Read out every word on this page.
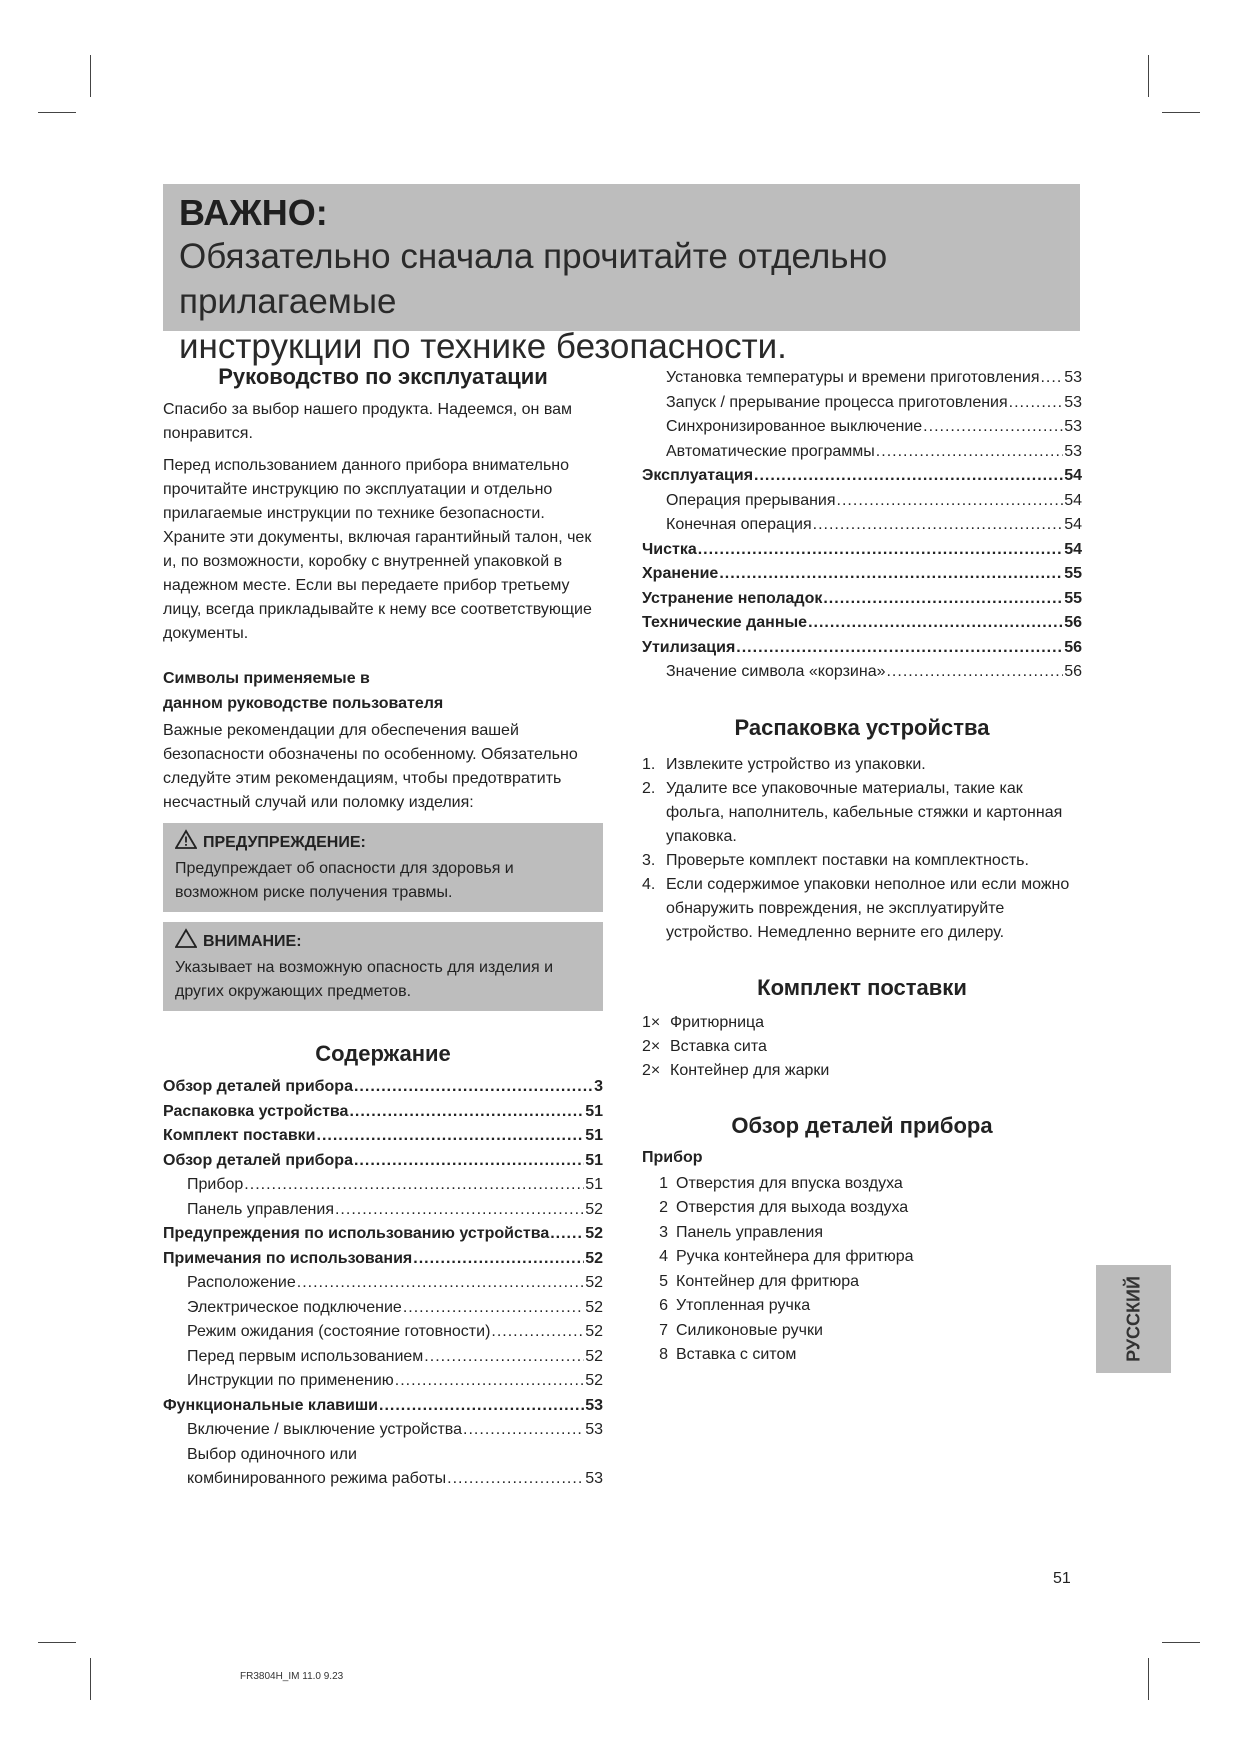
ВАЖНО:

Обязательно сначала прочитайте отдельно прилагаемые

инструкции по технике безопасности.

Руководство по эксплуатации

Спасибо за выбор нашего продукта. Надеемся, он вам понравится.

Перед использованием данного прибора внимательно прочитайте инструкцию по эксплуатации и отдельно прилагаемые инструкции по технике безопасности. Храните эти документы, включая гарантийный талон, чек и, по возможности, коробку с внутренней упаковкой в надежном месте. Если вы передаете прибор третьему лицу, всегда прикладывайте к нему все соответствующие документы.

Символы применяемые в
данном руководстве пользователя

Важные рекомендации для обеспечения вашей безопасности обозначены по особенному. Обязательно следуйте этим рекомендациям, чтобы предотвратить несчастный случай или поломку изделия:

ПРЕДУПРЕЖДЕНИЕ:

Предупреждает об опасности для здоровья и возможном риске получения травмы.

ВНИМАНИЕ:

Указывает на возможную опасность для изделия и других окружающих предметов.

Содержание
Обзор деталей прибора .....	3
Распаковка устройства .....	51
Комплект поставки .....	51
Обзор деталей прибора .....	51
Прибор .....	51
Панель управления .....	52
Предупреждения по использованию устройства ..... 52
Примечания по использования .....	52
Расположение .....	52
Электрическое подключение .....	52
Режим ожидания (состояние готовности) .....	52
Перед первым использованием .....	52
Инструкции по применению .....	52
Функциональные клавиши .....	53
Включение / выключение устройства .....	53
Выбор одиночного или
комбинированного режима работы .....	53
Установка температуры и времени приготовления ..... 53
Запуск / прерывание процесса приготовления .....	53
Синхронизированное выключение .....	53
Автоматические программы .....	53
Эксплуатация .....	54
Операция прерывания .....	54
Конечная операция .....	54
Чистка .....	54
Хранение .....	55
Устранение неполадок .....	55
Технические данные .....	56
Утилизация .....	56
Значение символа «корзина» .....	56
Распаковка устройства
1. Извлеките устройство из упаковки.
2. Удалите все упаковочные материалы, такие как фольга, наполнитель, кабельные стяжки и картонная упаковка.
3. Проверьте комплект поставки на комплектность.
4. Если содержимое упаковки неполное или если можно обнаружить повреждения, не эксплуатируйте устройство. Немедленно верните его дилеру.
Комплект поставки
1× Фритюрница
2× Вставка сита
2× Контейнер для жарки
Обзор деталей прибора
Прибор
1 Отверстия для впуска воздуха
2 Отверстия для выхода воздуха
3 Панель управления
4 Ручка контейнера для фритюра
5 Контейнер для фритюра
6 Утопленная ручка
7 Силиконовые ручки
8 Вставка с ситом	РУССКИЙ
51
FR3804H_IM 11.0 9.23
